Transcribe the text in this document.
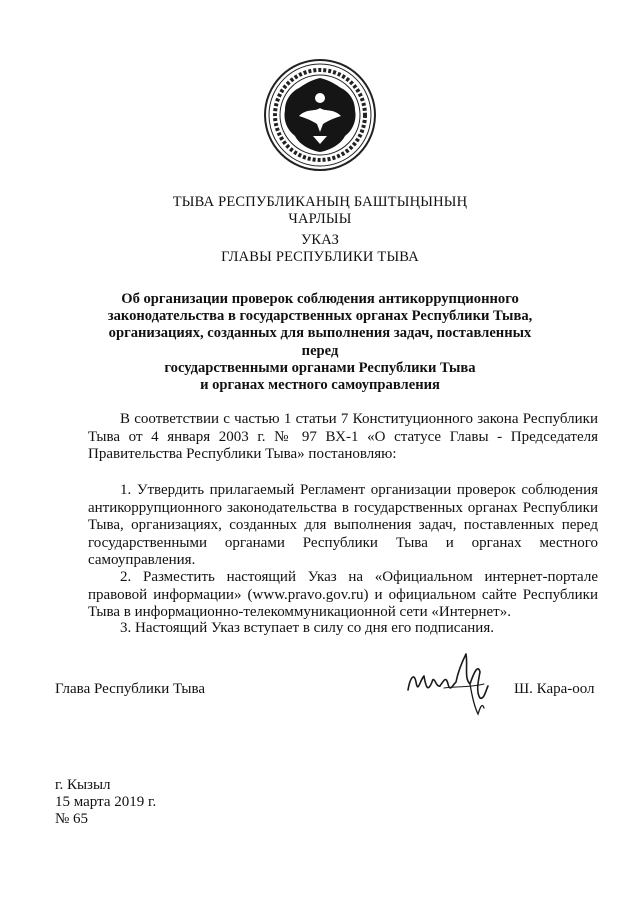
ТЫВА РЕСПУБЛИКАНЫҢ БАШТЫҢЫНЫҢ
ЧАРЛЫЫ
УКАЗ
ГЛАВЫ РЕСПУБЛИКИ ТЫВА
Об организации проверок соблюдения антикоррупционного
законодательства в государственных органах Республики Тыва,
организациях, созданных для выполнения задач, поставленных перед
государственными органами Республики Тыва
и органах местного самоуправления

В соответствии с частью 1 статьи 7 Конституционного закона Республики Тыва от 4 января 2003 г. № 97 ВХ-1 «О статусе Главы - Председателя Правительства Республики Тыва» постановляю:

1. Утвердить прилагаемый Регламент организации проверок соблюдения антикоррупционного законодательства в государственных органах Республики Тыва, организациях, созданных для выполнения задач, поставленных перед государственными органами Республики Тыва и органах местного самоуправления.

2. Разместить настоящий Указ на «Официальном интернет-портале правовой информации» (www.pravo.gov.ru) и официальном сайте Республики Тыва в информационно-телекоммуникационной сети «Интернет».

3. Настоящий Указ вступает в силу со дня его подписания.

Глава Республики Тыва	Ш. Кара-оол
г. Кызыл
15 марта 2019 г.
№ 65
